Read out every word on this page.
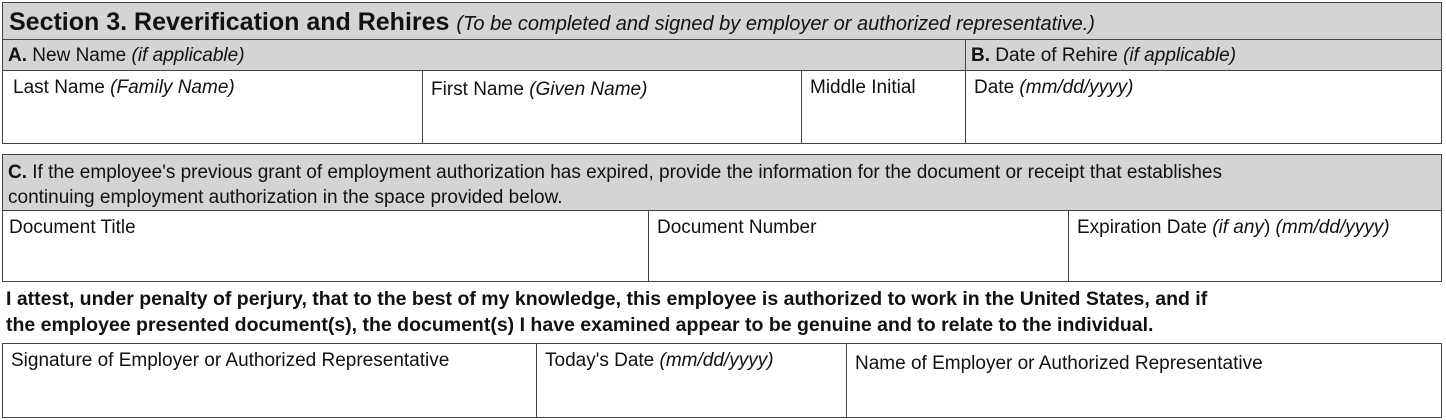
Section 3. Reverification and Rehires (To be completed and signed by employer or authorized representative.)
A. New Name (if applicable)	B. Date of Rehire (if applicable)
Last Name (Family Name)	First Name (Given Name)	Middle Initial	Date (mm/dd/yyyy)
C. If the employee's previous grant of employment authorization has expired, provide the information for the document or receipt that establishes
continuing employment authorization in the space provided below.
Document Title	Document Number	Expiration Date (if any) (mm/dd/yyyy)
I attest, under penalty of perjury, that to the best of my knowledge, this employee is authorized to work in the United States, and if
the employee presented document(s), the document(s) I have examined appear to be genuine and to relate to the individual.
Signature of Employer or Authorized Representative	Today's Date (mm/dd/yyyy)	Name of Employer or Authorized Representative
